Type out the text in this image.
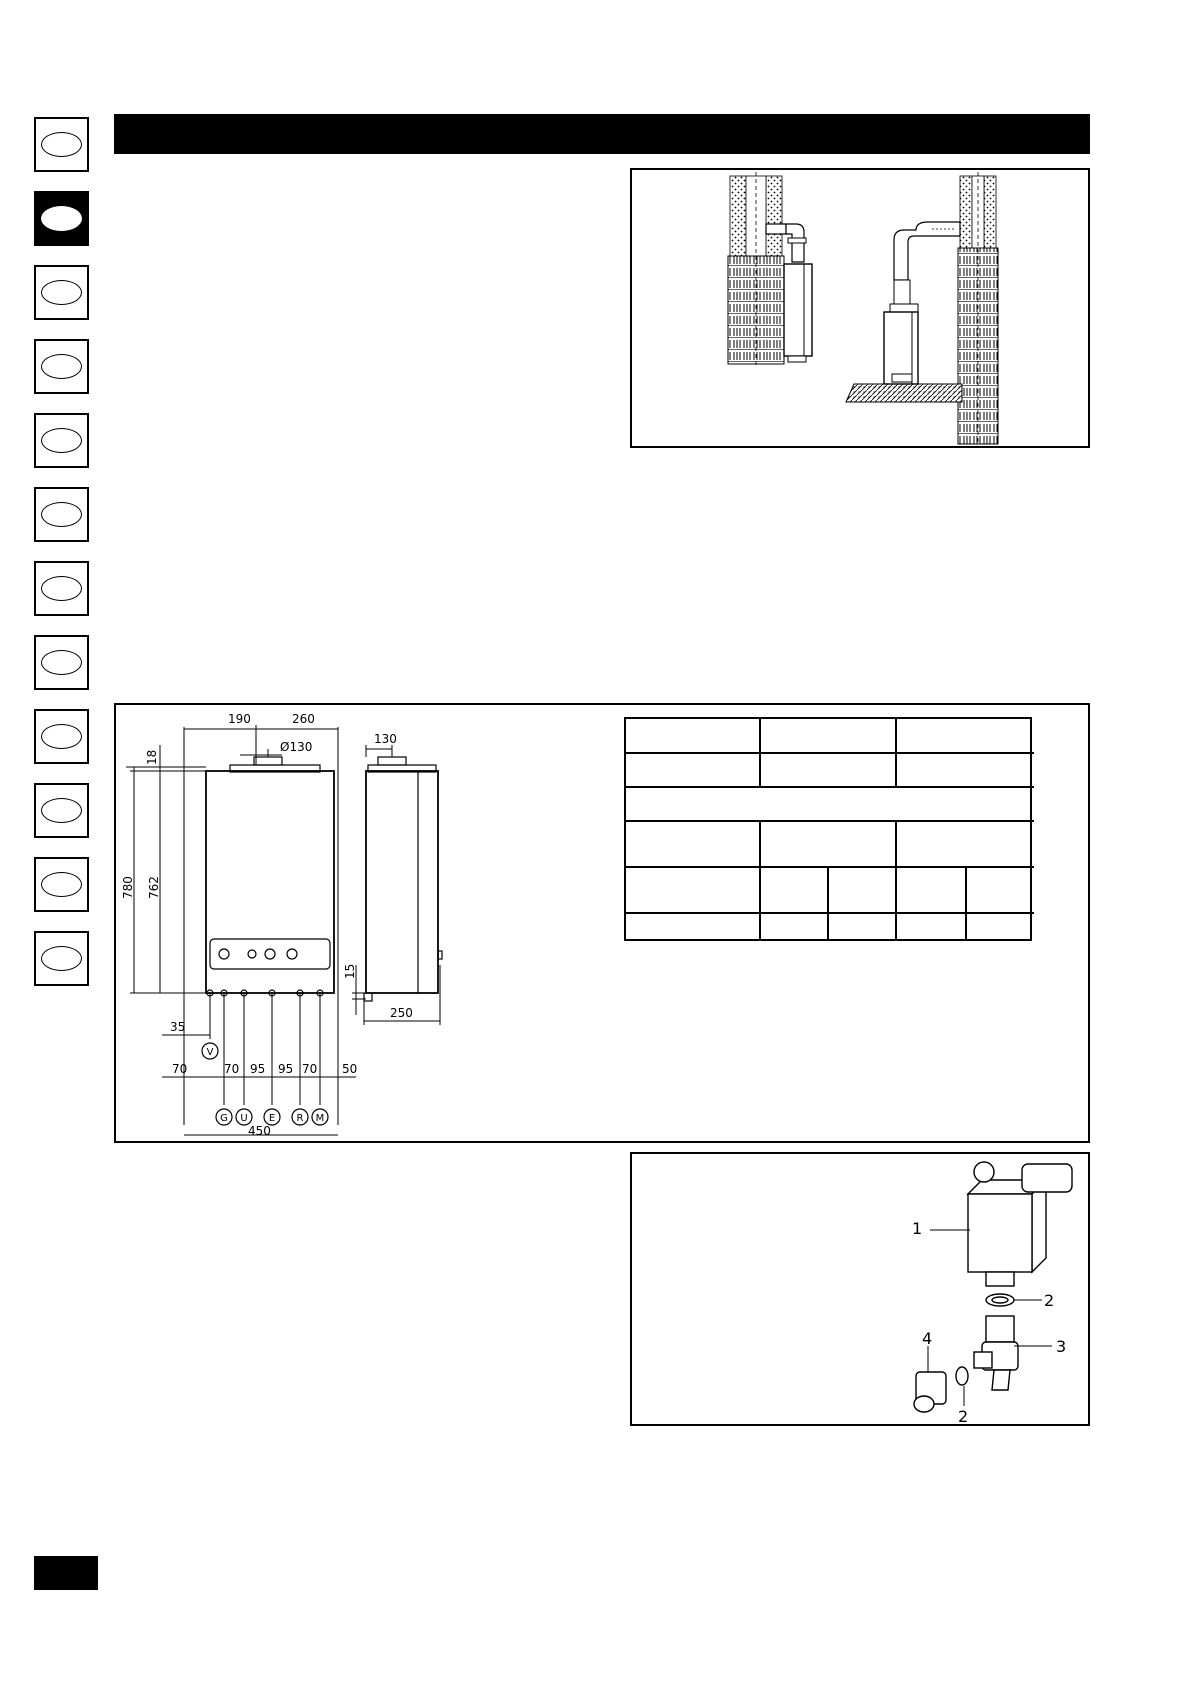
190	260
Ø130
130
18
780 762
15
250
35
70	70 95 95 70 50
450
V
G U E R M
1
2
3
4
2
